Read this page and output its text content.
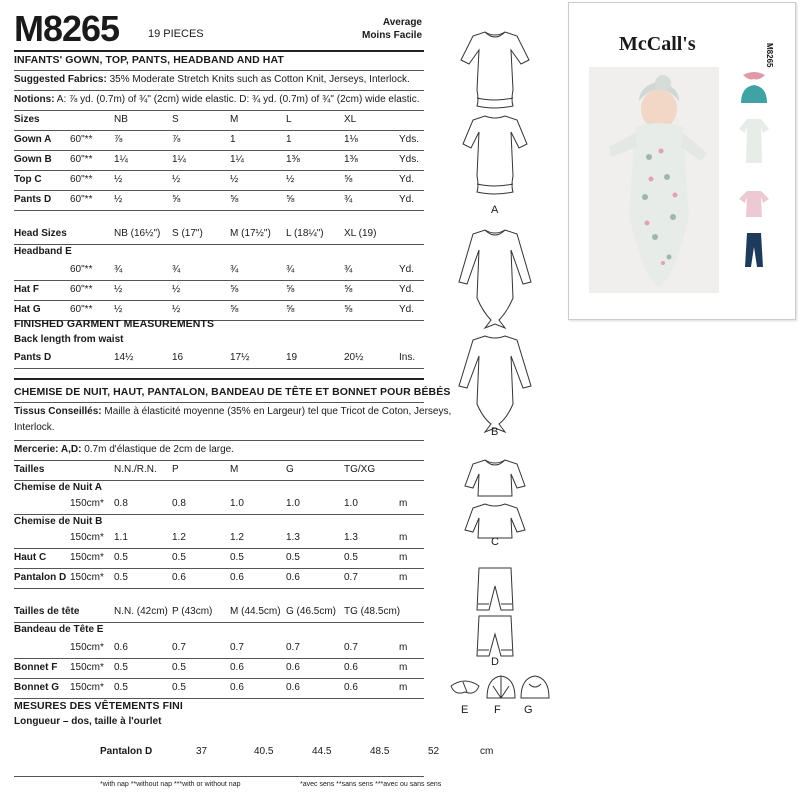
M8265	19 PIECES
Average
Moins Facile
INFANTS' GOWN, TOP, PANTS, HEADBAND AND HAT
Suggested Fabrics: 35% Moderate Stretch Knits such as Cotton Knit, Jerseys, Interlock.
Notions: A: ⅞ yd. (0.7m) of ¾" (2cm) wide elastic. D: ¾ yd. (0.7m) of ¾" (2cm) wide elastic.
Sizes	NB	S	M	L	XL
Gown A 60"** ⅞	⅞	1	1	1⅛	Yds.
Gown B 60"** 1¼	1¼	1¼	1⅜	1⅜	Yds.
Top C	60"** ½	½	½	½	⅝	Yd.
Pants D 60"** ½	⅝	⅝	⅝	¾	Yd.
Head Sizes	NB (16½") S (17")	M (17½") L (18¼") XL (19)
Headband E
60"** ¾	¾	¾	¾	¾	Yd.
Hat F	60"** ½	½	⅝	⅝	⅝	Yd.
Hat G	60"** ½	½	⅝	⅝	⅝	Yd.
FINISHED GARMENT MEASUREMENTS
Back length from waist
Pants D	14½	16	17½	19	20½	Ins.
CHEMISE DE NUIT, HAUT, PANTALON, BANDEAU DE TÊTE ET BONNET POUR BÉBÉS
Tissus Conseillés: Maille à élasticité moyenne (35% en Largeur) tel que Tricot de Coton, Jerseys,
Interlock.
Mercerie: A,D: 0.7m d'élastique de 2cm de large.
Tailles	N.N./R.N. P	M	G	TG/XG
Chemise de Nuit A
150cm* 0.8	0.8	1.0	1.0	1.0	m
Chemise de Nuit B
150cm* 1.1	1.2	1.2	1.3	1.3	m
Haut C 150cm* 0.5	0.5	0.5	0.5	0.5	m
Pantalon D 150cm* 0.5	0.6	0.6	0.6	0.7	m
Tailles de tête	N.N. (42cm) P (43cm) M (44.5cm) G (46.5cm) TG (48.5cm)
Bandeau de Tête E
150cm* 0.6	0.7	0.7	0.7	0.7	m
Bonnet F 150cm* 0.5	0.5	0.6	0.6	0.6	m
Bonnet G 150cm* 0.5	0.5	0.6	0.6	0.6	m
MESURES DES VÊTEMENTS FINI
Longueur – dos, taille à l'ourlet
Pantalon D	37	40.5	44.5	48.5	52	cm
*with nap **without nap ***with or without nap	*avec sens **sans sens ***avec ou sans sens
A
B
C
D
E F G
McCall's	M8265
